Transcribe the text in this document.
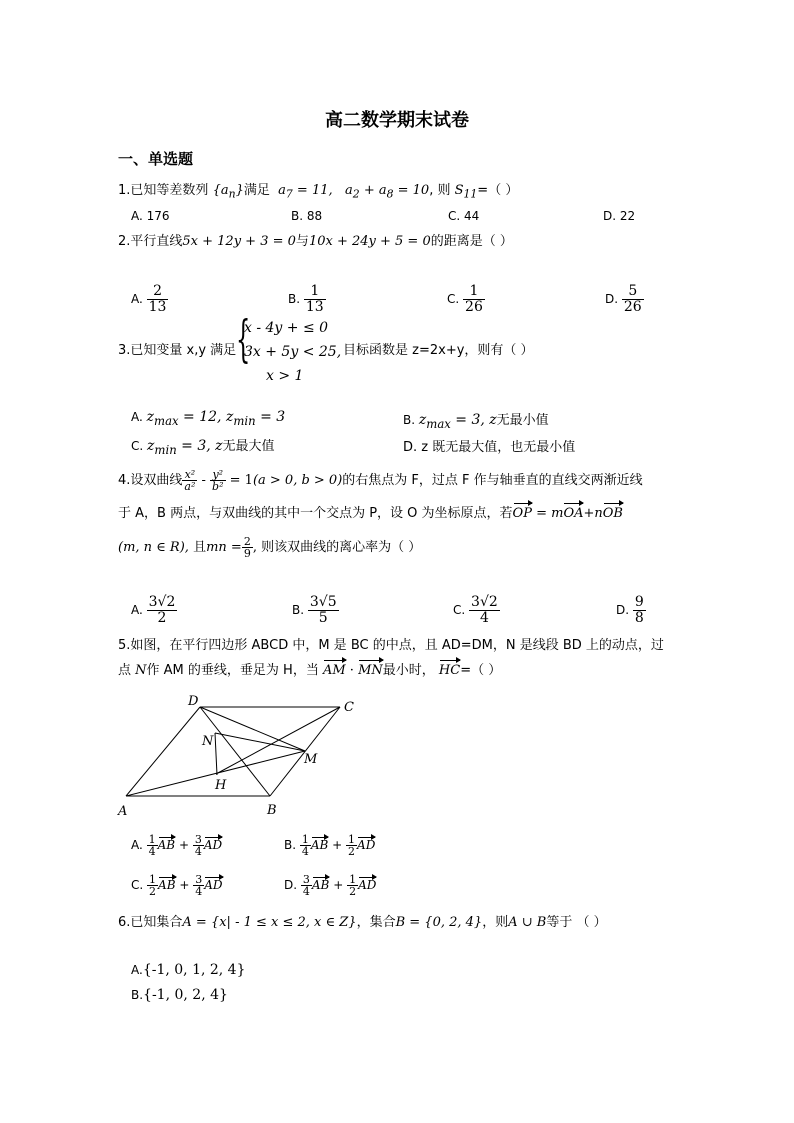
高二数学期末试卷
一、单选题
1.已知等差数列 $\{a_n\}$满足  $a_7 = 11$,   $a_2 + a_8 = 10$, 则 $S_{11}=$（ ）
A. 176	B. 88	C. 44	D. 22
2.平行直线5x + 12y + 3 = 0与10x + 24y + 5 = 0的距离是（ ）
A. $\frac{2}{13}$	B. $\frac{1}{13}$	C. $\frac{1}{26}$	D. $\frac{5}{26}$
3.已知变量 x,y 满足 {
x - 4y + ≤ 0
3x + 5y < 25,
x > 1
目标函数是 z=2x+y，则有（ ）
A. $z_{max} = 12$, $z_{min} = 3$	B. $z_{max} = 3$, z无最小值
C. $z_{min} = 3$, z无最大值	D. z 既无最大值，也无最小值
4.设双曲线 $\frac{\text{x²}}{\text{a²}} - \frac{\text{y²}}{\text{b²}} = 1(a > 0$, b > 0)的右焦点为 F，过点 F 作与轴垂直的直线交两渐近线
于 A，B 两点，与双曲线的其中一个交点为 P，设 O 为坐标原点，若OP = mOA+nOB
(m, n ∈ R), 且mn = $\frac{2}{9}$ , 则该双曲线的离心率为（ ）
A. $\frac{3√2}{2}$	B. $\frac{3√5}{5}$	C. $\frac{3√2}{4}$	D. $\frac{9}{8}$
5.如图，在平行四边形 ABCD 中，M 是 BC 的中点，且 AD=DM，N 是线段 BD 上的动点，过
点 N作 AM 的垂线，垂足为 H，当 AM · MN最小时， HC=（ ）
D	C
N
M
H
A	B
A. $\frac{1}{4}$ AB + $\frac{3}{4}$ AD	B. $\frac{1}{4}$ AB + $\frac{1}{2}$ AD
C. $\frac{1}{2}$ AB + $\frac{3}{4}$ AD	D. $\frac{3}{4}$ AB + $\frac{1}{2}$ AD
6.已知集合A = {x| - 1 ≤ x ≤ 2, x ∈ Z}，集合B = {0, 2, 4}，则A ∪ B等于 （ ）
A.{-1, 0, 1, 2, 4}
B.{-1, 0, 2, 4}
